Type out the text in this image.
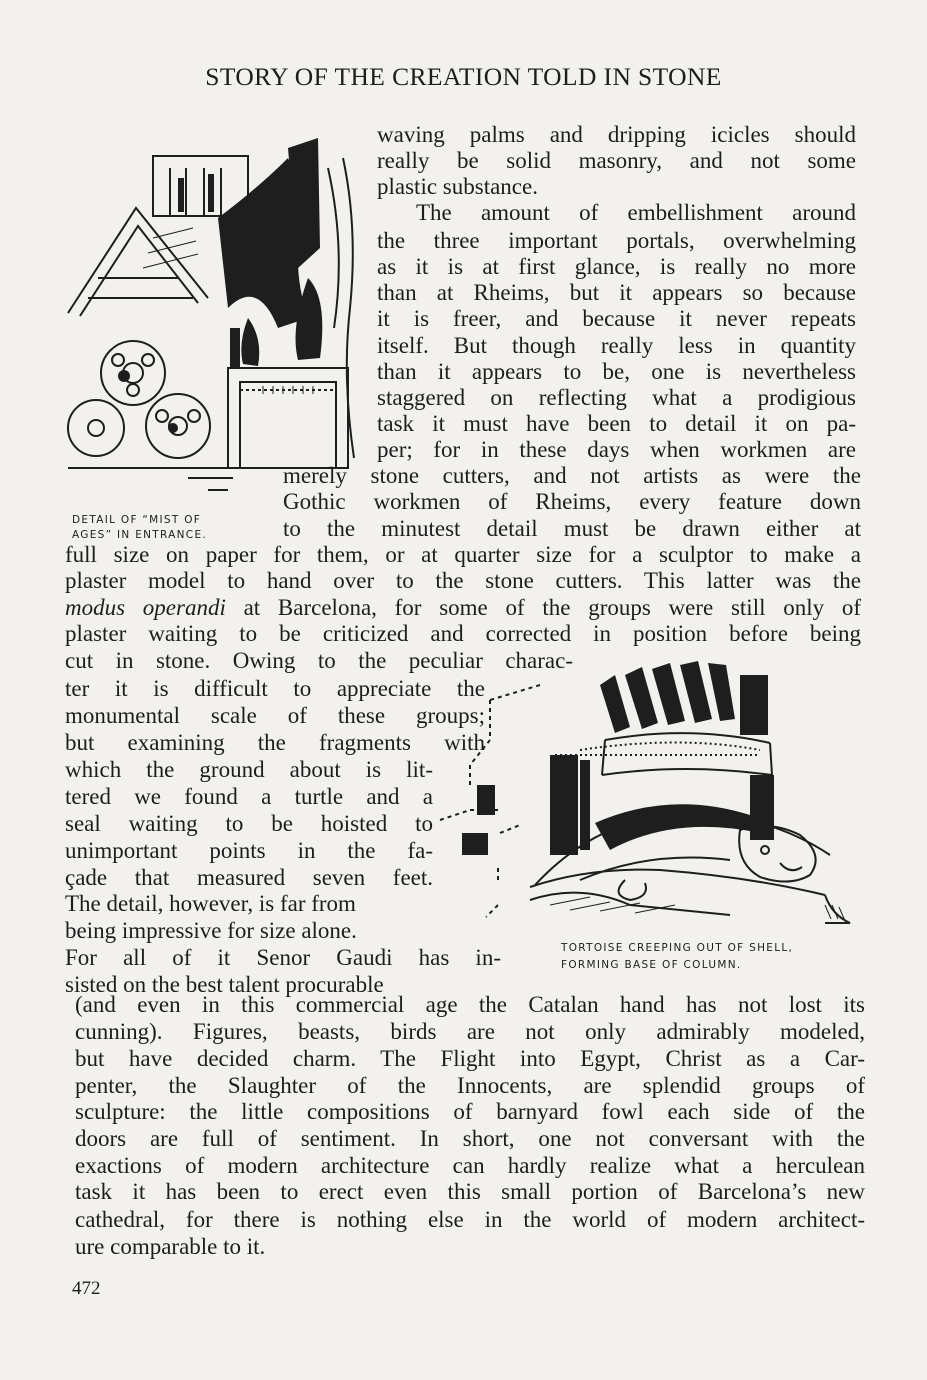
STORY OF THE CREATION TOLD IN STONE
DETAIL OF “MIST OF
AGES” IN ENTRANCE.
waving palms and dripping icicles should
really be solid masonry, and not some
plastic substance.
The amount of embellishment around
the three important portals, overwhelming
as it is at first glance, is really no more
than at Rheims, but it appears so because
it is freer, and because it never repeats
itself. But though really less in quantity
than it appears to be, one is nevertheless
staggered on reflecting what a prodigious
task it must have been to detail it on pa-
per; for in these days when workmen are
merely stone cutters, and not artists as were the
Gothic workmen of Rheims, every feature down
to the minutest detail must be drawn either at
full size on paper for them, or at quarter size for a sculptor to make a
plaster model to hand over to the stone cutters. This latter was the
modus operandi at Barcelona, for some of the groups were still only of
plaster waiting to be criticized and corrected in position before being
cut in stone. Owing to the peculiar charac-
ter it is difficult to appreciate the
monumental scale of these groups;
but examining the fragments with
which the ground about is lit-
tered we found a turtle and a
seal waiting to be hoisted to
unimportant points in the fa-
çade that measured seven feet.
The detail, however, is far from
being impressive for size alone.
For all of it Senor Gaudi has in-
sisted on the best talent procurable
(and even in this commercial age the Catalan hand has not lost its
cunning). Figures, beasts, birds are not only admirably modeled,
but have decided charm. The Flight into Egypt, Christ as a Car-
penter, the Slaughter of the Innocents, are splendid groups of
sculpture: the little compositions of barnyard fowl each side of the
doors are full of sentiment. In short, one not conversant with the
exactions of modern architecture can hardly realize what a herculean
task it has been to erect even this small portion of Barcelona’s new
cathedral, for there is nothing else in the world of modern architect-
ure comparable to it.
TORTOISE CREEPING OUT OF SHELL,
FORMING BASE OF COLUMN.
472
